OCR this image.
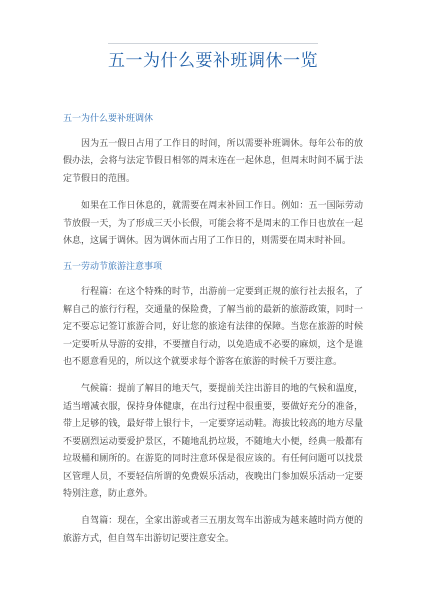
五一为什么要补班调休一览
五一为什么要补班调休

因为五一假日占用了工作日的时间，所以需要补班调休。每年公布的放假办法，会将与法定节假日相邻的周末连在一起休息，但周末时间不属于法定节假日的范围。

如果在工作日休息的，就需要在周末补回工作日。例如：五一国际劳动节放假一天，为了形成三天小长假，可能会将不是周末的工作日也放在一起休息，这属于调休。因为调休而占用了工作日的，则需要在周末时补回。

五一劳动节旅游注意事项

行程篇：在这个特殊的时节，出游前一定要到正规的旅行社去报名，了解自己的旅行行程，交通量的保险费，了解当前的最新的旅游政策，同时一定不要忘记签订旅游合同，好让您的旅途有法律的保障。当您在旅游的时候一定要听从导游的安排，不要擅自行动，以免造成不必要的麻烦，这个是谁也不愿意看见的，所以这个就要求每个游客在旅游的时候千万要注意。

气候篇：提前了解目的地天气，要提前关注出游目的地的气候和温度，适当增减衣服，保持身体健康，在出行过程中很重要，要做好充分的准备，带上足够的钱，最好带上银行卡，一定要穿运动鞋。海拔比较高的地方尽量不要剧烈运动要爱护景区，不随地乱扔垃圾，不随地大小便，经典一般都有垃圾桶和厕所的。在游览的同时注意环保是很应该的。有任何问题可以找景区管理人员，不要轻信所谓的免费娱乐活动，夜晚出门参加娱乐活动一定要特别注意，防止意外。

自驾篇：现在，全家出游或者三五朋友驾车出游成为越来越时尚方便的旅游方式，但自驾车出游切记要注意安全。
